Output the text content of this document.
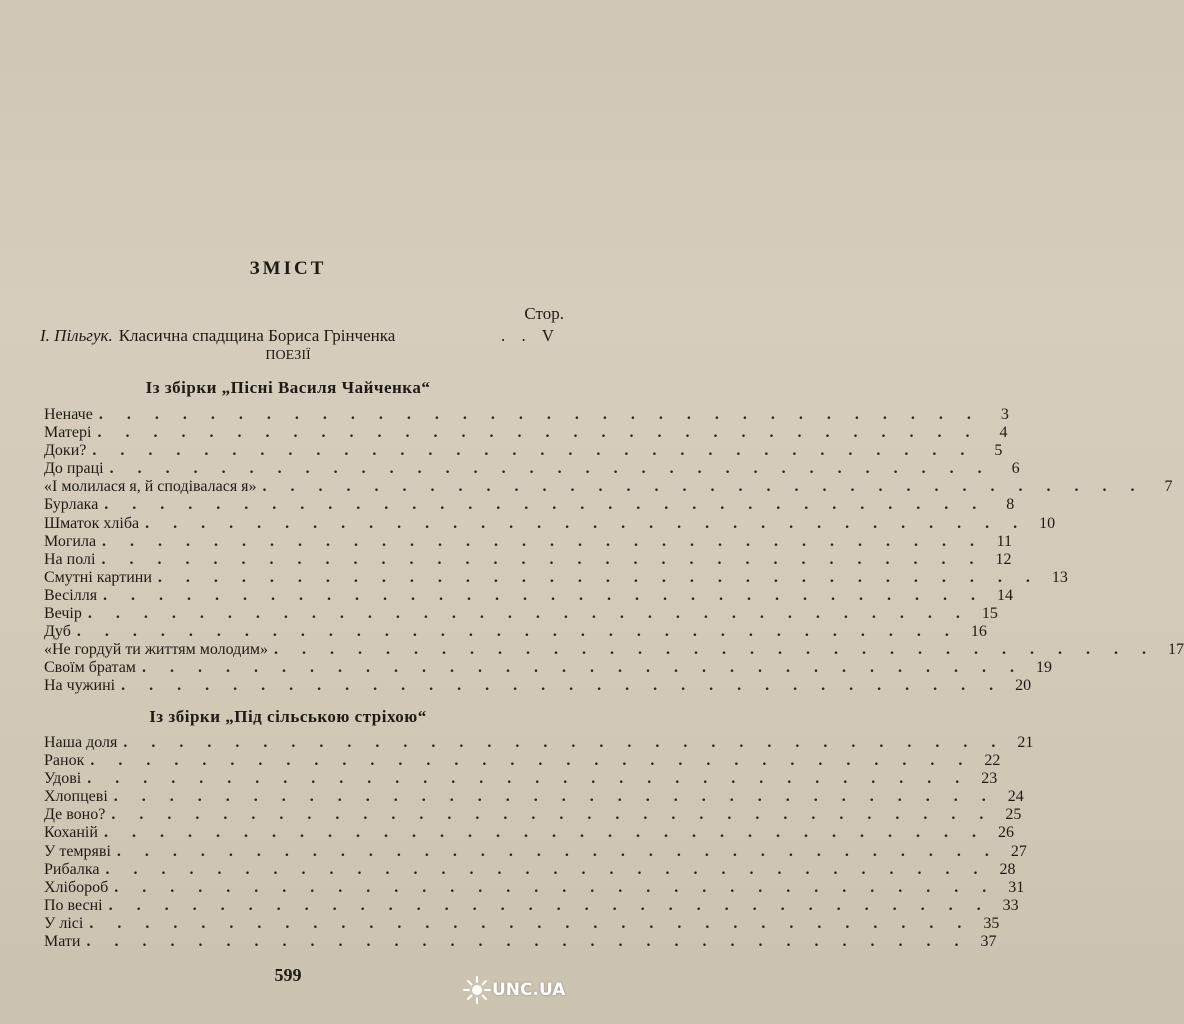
ЗМІСТ
Стор.
І. Пільгук. Класична спадщина Бориса Грінченка	. . V
ПОЕЗІЇ
Із збірки „Пісні Василя Чайченка“
Неначе . . . . . . . . . . . . . . . . . . . . . . . . . . . . . . . .	3
Матері . . . . . . . . . . . . . . . . . . . . . . . . . . . . . . . .	4
Доки? . . . . . . . . . . . . . . . . . . . . . . . . . . . . . . . .	5
До праці . . . . . . . . . . . . . . . . . . . . . . . . . . . . . . . .	6
«І молилася я, й сподівалася я» . . . . . . . . . . . . . . . . . . . . . . . . . . . . . . . .	7
Бурлака . . . . . . . . . . . . . . . . . . . . . . . . . . . . . . . .	8
Шматок хліба . . . . . . . . . . . . . . . . . . . . . . . . . . . . . . . . 10
Могила . . . . . . . . . . . . . . . . . . . . . . . . . . . . . . . . 11
На полі . . . . . . . . . . . . . . . . . . . . . . . . . . . . . . . . 12
Смутні картини . . . . . . . . . . . . . . . . . . . . . . . . . . . . . . . . 13
Весілля . . . . . . . . . . . . . . . . . . . . . . . . . . . . . . . . 14
Вечір . . . . . . . . . . . . . . . . . . . . . . . . . . . . . . . . 15
Дуб . . . . . . . . . . . . . . . . . . . . . . . . . . . . . . . . 16
«Не гордуй ти життям молодим» . . . . . . . . . . . . . . . . . . . . . . . . . . . . . . . . 17
Своїм братам . . . . . . . . . . . . . . . . . . . . . . . . . . . . . . . . 19
На чужині . . . . . . . . . . . . . . . . . . . . . . . . . . . . . . . . 20
Із збірки „Під сільською стріхою“
Наша доля . . . . . . . . . . . . . . . . . . . . . . . . . . . . . . . . 21
Ранок . . . . . . . . . . . . . . . . . . . . . . . . . . . . . . . . 22
Удові . . . . . . . . . . . . . . . . . . . . . . . . . . . . . . . . 23
Хлопцеві . . . . . . . . . . . . . . . . . . . . . . . . . . . . . . . . 24
Де воно? . . . . . . . . . . . . . . . . . . . . . . . . . . . . . . . . 25
Коханій . . . . . . . . . . . . . . . . . . . . . . . . . . . . . . . . 26
У темряві . . . . . . . . . . . . . . . . . . . . . . . . . . . . . . . . 27
Рибалка . . . . . . . . . . . . . . . . . . . . . . . . . . . . . . . . 28
Хлібороб . . . . . . . . . . . . . . . . . . . . . . . . . . . . . . . . 31
По весні . . . . . . . . . . . . . . . . . . . . . . . . . . . . . . . . 33
У лісі . . . . . . . . . . . . . . . . . . . . . . . . . . . . . . . . 35
Мати . . . . . . . . . . . . . . . . . . . . . . . . . . . . . . . . 37
599
UNC.UA
